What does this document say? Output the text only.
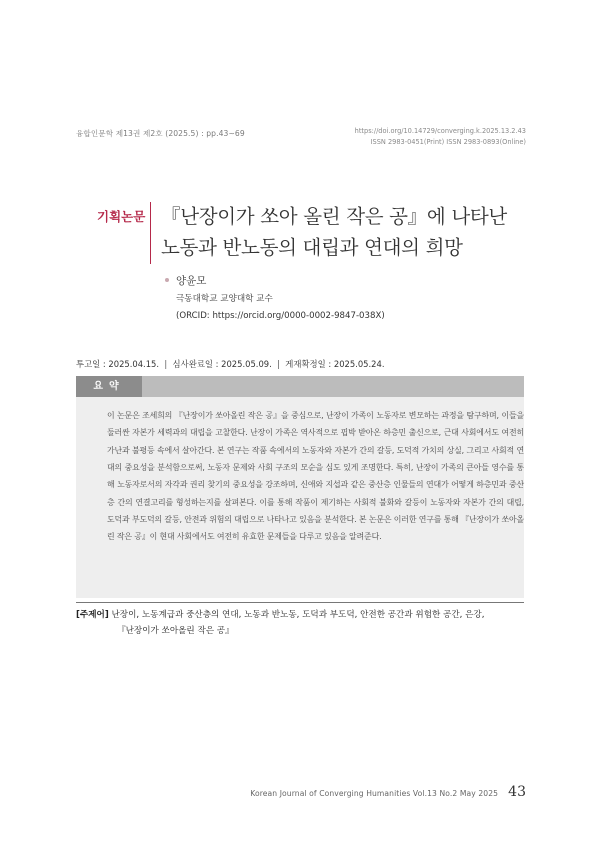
융합인문학 제13권 제2호 (2025.5) : pp.43~69	https://doi.org/10.14729/converging.k.2025.13.2.43
ISSN 2983-0451(Print) ISSN 2983-0893(Online)
기획논문 『난장이가 쏘아 올린 작은 공』에 나타난
노동과 반노동의 대립과 연대의 희망
양윤모
극동대학교 교양대학 교수
(ORCID: https://orcid.org/0000-0002-9847-038X)
투고일 : 2025.04.15. | 심사완료일 : 2025.05.09. | 게재확정일 : 2025.05.24.
요약
이 논문은 조세희의 『난장이가 쏘아올린 작은 공』을 중심으로, 난장이 가족이 노동자로 변모하는 과정을 탐구하며, 이들을 둘러싼 자본가 세력과의 대립을 고찰한다. 난장이 가족은 역사적으로 핍박 받아온 하층민 출신으로, 근대 사회에서도 여전히 가난과 불평등 속에서 살아간다. 본 연구는 작품 속에서의 노동자와 자본가 간의 갈등, 도덕적 가치의 상실, 그리고 사회적 연대의 중요성을 분석함으로써, 노동자 문제와 사회 구조의 모순을 심도 있게 조명한다. 특히, 난장이 가족의 큰아들 영수를 통해 노동자로서의 자각과 권리 찾기의 중요성을 강조하며, 신애와 지섭과 같은 중산층 인물들의 연대가 어떻게 하층민과 중산층 간의 연결고리를 형성하는지를 살펴본다. 이를 통해 작품이 제기하는 사회적 불화와 갈등이 노동자와 자본가 간의 대립, 도덕과 부도덕의 갈등, 안전과 위험의 대립으로 나타나고 있음을 분석한다. 본 논문은 이러한 연구를 통해 『난장이가 쏘아올린 작은 공』이 현대 사회에서도 여전히 유효한 문제들을 다루고 있음을 알려준다.
[주제어] 난장이, 노동계급과 중산층의 연대, 노동과 반노동, 도덕과 부도덕, 안전한 공간과 위험한 공간, 은강,
『난장이가 쏘아올린 작은 공』
Korean Journal of Converging Humanities Vol.13 No.2 May 2025 43
